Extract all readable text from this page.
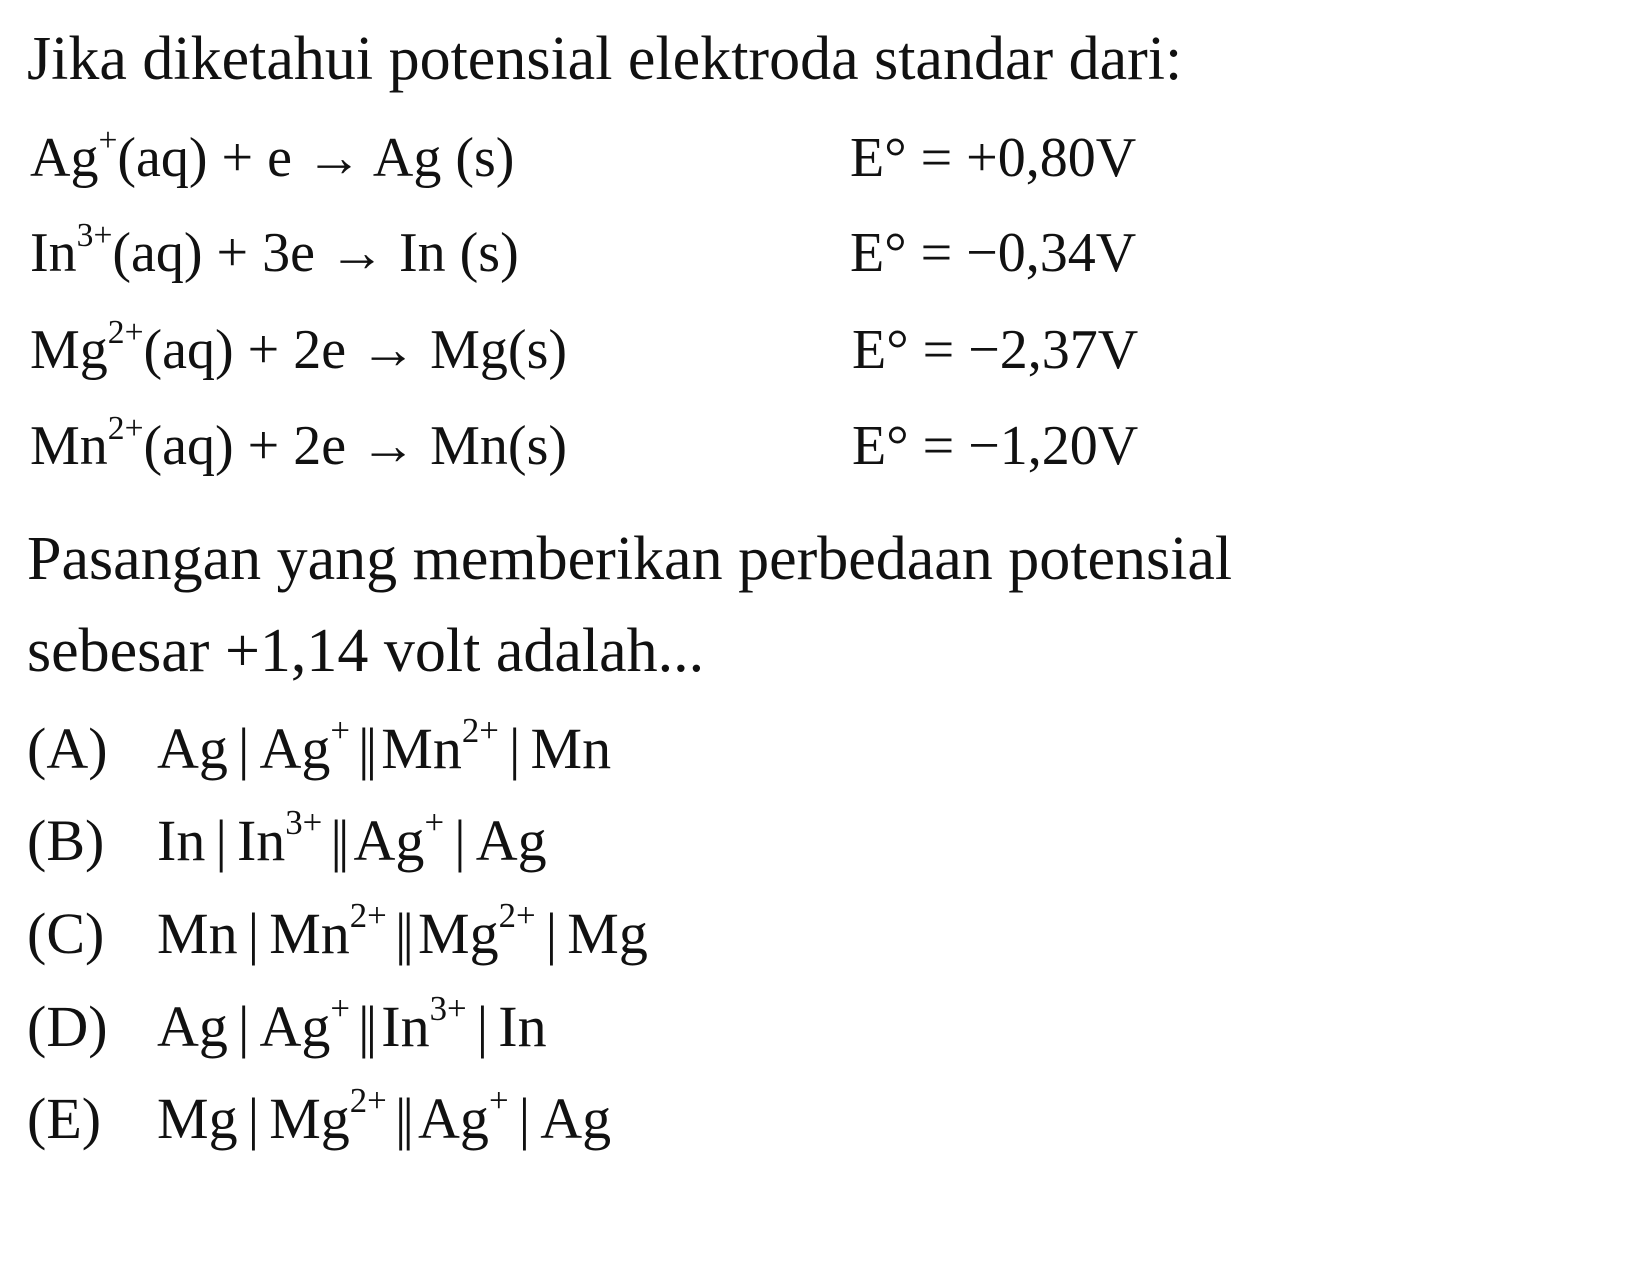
Jika diketahui potensial elektroda standar dari:
Ag+(aq) + e → Ag (s)	E° = +0,80V
$In^{3+}(aq) + 3e \to In$ (s)	E° = −0,34V
$Mg^{2+}(aq) + 2e \to Mg(s)$	E° = −2,37V
$Mn^{2+}(aq) + 2e \to Mn(s)$	E° = −1,20V
Pasangan yang memberikan perbedaan potensial
sebesar +1,14 volt adalah...
(A) Ag | Ag+ || $Mn^{2+}$ | Mn
(B) In | $In^{3+}$ || Ag+ | Ag
(C) Mn | $Mn^{2+}$ || $Mg^{2+}$ | Mg
(D) Ag | Ag+ || $In^{3+}$ | In
(E) Mg | $Mg^{2+}$ || Ag+ | Ag
